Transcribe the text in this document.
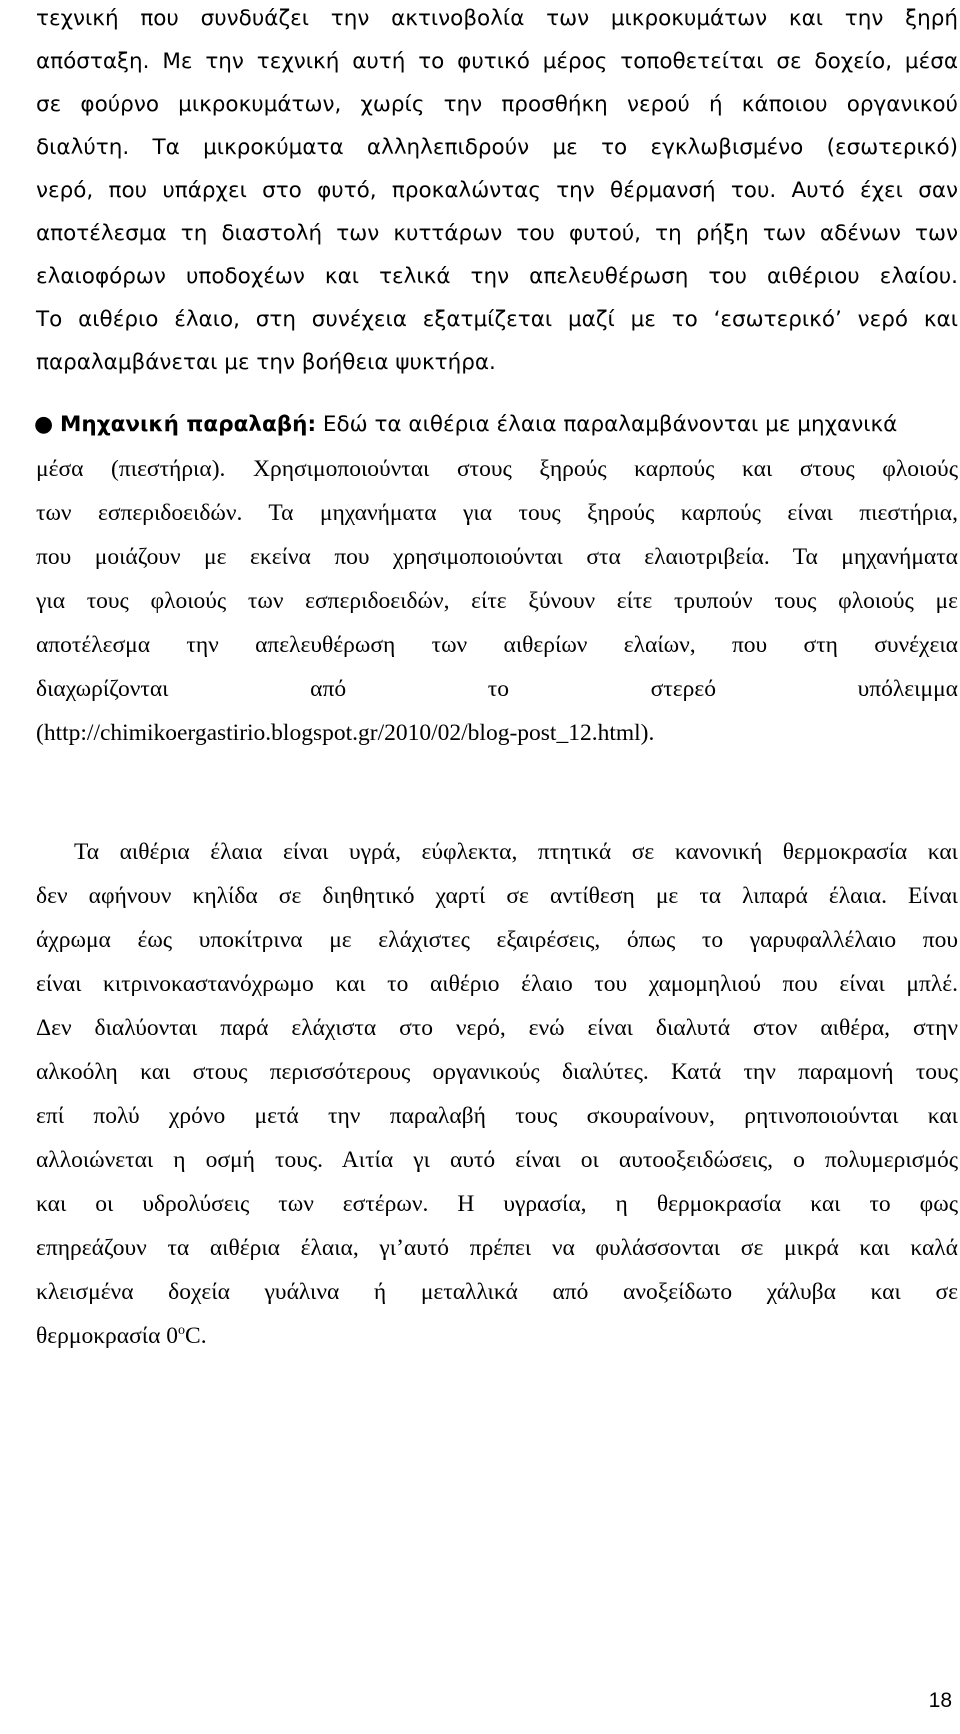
τεχνική που συνδυάζει την ακτινοβολία των μικροκυμάτων και την ξηρή
απόσταξη. Με την τεχνική αυτή το φυτικό μέρος τοποθετείται σε δοχείο, μέσα
σε φούρνο μικροκυμάτων, χωρίς την προσθήκη νερού ή κάποιου οργανικού
διαλύτη. Τα μικροκύματα αλληλεπιδρούν με το εγκλωβισμένο (εσωτερικό)
νερό, που υπάρχει στο φυτό, προκαλώντας την θέρμανσή του. Αυτό έχει σαν
αποτέλεσμα τη διαστολή των κυττάρων του φυτού, τη ρήξη των αδένων των
ελαιοφόρων υποδοχέων και τελικά την απελευθέρωση του αιθέριου ελαίου.
Το αιθέριο έλαιο, στη συνέχεια εξατμίζεται μαζί με το ‘εσωτερικό’ νερό και
παραλαμβάνεται με την βοήθεια ψυκτήρα.
● Μηχανική παραλαβή: Εδώ τα αιθέρια έλαια παραλαμβάνονται με μηχανικά
μέσα (πιεστήρια). Χρησιμοποιούνται στους ξηρούς καρπούς και στους φλοιούς
των εσπεριδοειδών. Τα μηχανήματα για τους ξηρούς καρπούς είναι πιεστήρια,
που μοιάζουν με εκείνα που χρησιμοποιούνται στα ελαιοτριβεία. Τα μηχανήματα
για τους φλοιούς των εσπεριδοειδών, είτε ξύνουν είτε τρυπούν τους φλοιούς με
αποτέλεσμα την απελευθέρωση των αιθερίων ελαίων, που στη συνέχεια
διαχωρίζονται από το στερεό υπόλειμμα
(http://chimikoergastirio.blogspot.gr/2010/02/blog-post_12.html).
Τα αιθέρια έλαια είναι υγρά, εύφλεκτα, πτητικά σε κανονική θερμοκρασία και
δεν αφήνουν κηλίδα σε διηθητικό χαρτί σε αντίθεση με τα λιπαρά έλαια. Είναι
άχρωμα έως υποκίτρινα με ελάχιστες εξαιρέσεις, όπως το γαρυφαλλέλαιο που
είναι κιτρινοκαστανόχρωμο και το αιθέριο έλαιο του χαμομηλιού που είναι μπλέ.
Δεν διαλύονται παρά ελάχιστα στο νερό, ενώ είναι διαλυτά στον αιθέρα, στην
αλκοόλη και στους περισσότερους οργανικούς διαλύτες. Κατά την παραμονή τους
επί πολύ χρόνο μετά την παραλαβή τους σκουραίνουν, ρητινοποιούνται και
αλλοιώνεται η οσμή τους. Αιτία γι αυτό είναι οι αυτοοξειδώσεις, ο πολυμερισμός
και οι υδρολύσεις των εστέρων. Η υγρασία, η θερμοκρασία και το φως
επηρεάζουν τα αιθέρια έλαια, γι’αυτό πρέπει να φυλάσσονται σε μικρά και καλά
κλεισμένα δοχεία γυάλινα ή μεταλλικά από ανοξείδωτο χάλυβα και σε
θερμοκρασία 0$^o$C.
18
